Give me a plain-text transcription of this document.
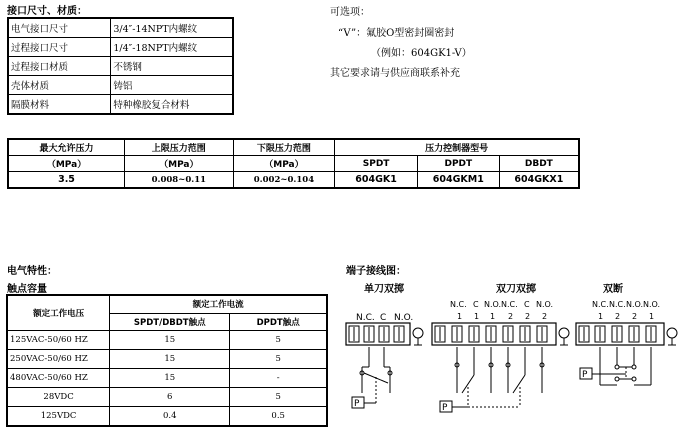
接口尺寸、材质：
电气接口尺寸	3/4″-14NPT内螺纹
过程接口尺寸	1/4″-18NPT内螺纹
过程接口材质	不锈钢
壳体材质	铸铝
隔膜材料	特种橡胶复合材料
可选项：
“V”：氟胶O型密封圈密封
（例如：604GK1-V）
其它要求请与供应商联系补充
最大允许压力	上限压力范围	下限压力范围	压力控制器型号		
（MPa）	（MPa）	（MPa）	SPDT	DPDT	DBDT
3.5	0.008~0.11	0.002~0.104	604GK1	604GKM1	604GKX1
电气特性：
触点容量
额定工作电压	额定工作电流	
	SPDT/DBDT触点	DPDT触点
125VAC-50/60 HZ	15	5
250VAC-50/60 HZ	15	5
480VAC-50/60 HZ	15	-
28VDC	6	5
125VDC	0.4	0.5
端子接线图：
单刀双掷	双刀双掷	双断
N.C. C N.O.
P
N.C. C N.O. N.C. C N.O.
1 1 1 2 2 2
P
N.C. N.C. N.O. N.O.
1 2 2 1
P
